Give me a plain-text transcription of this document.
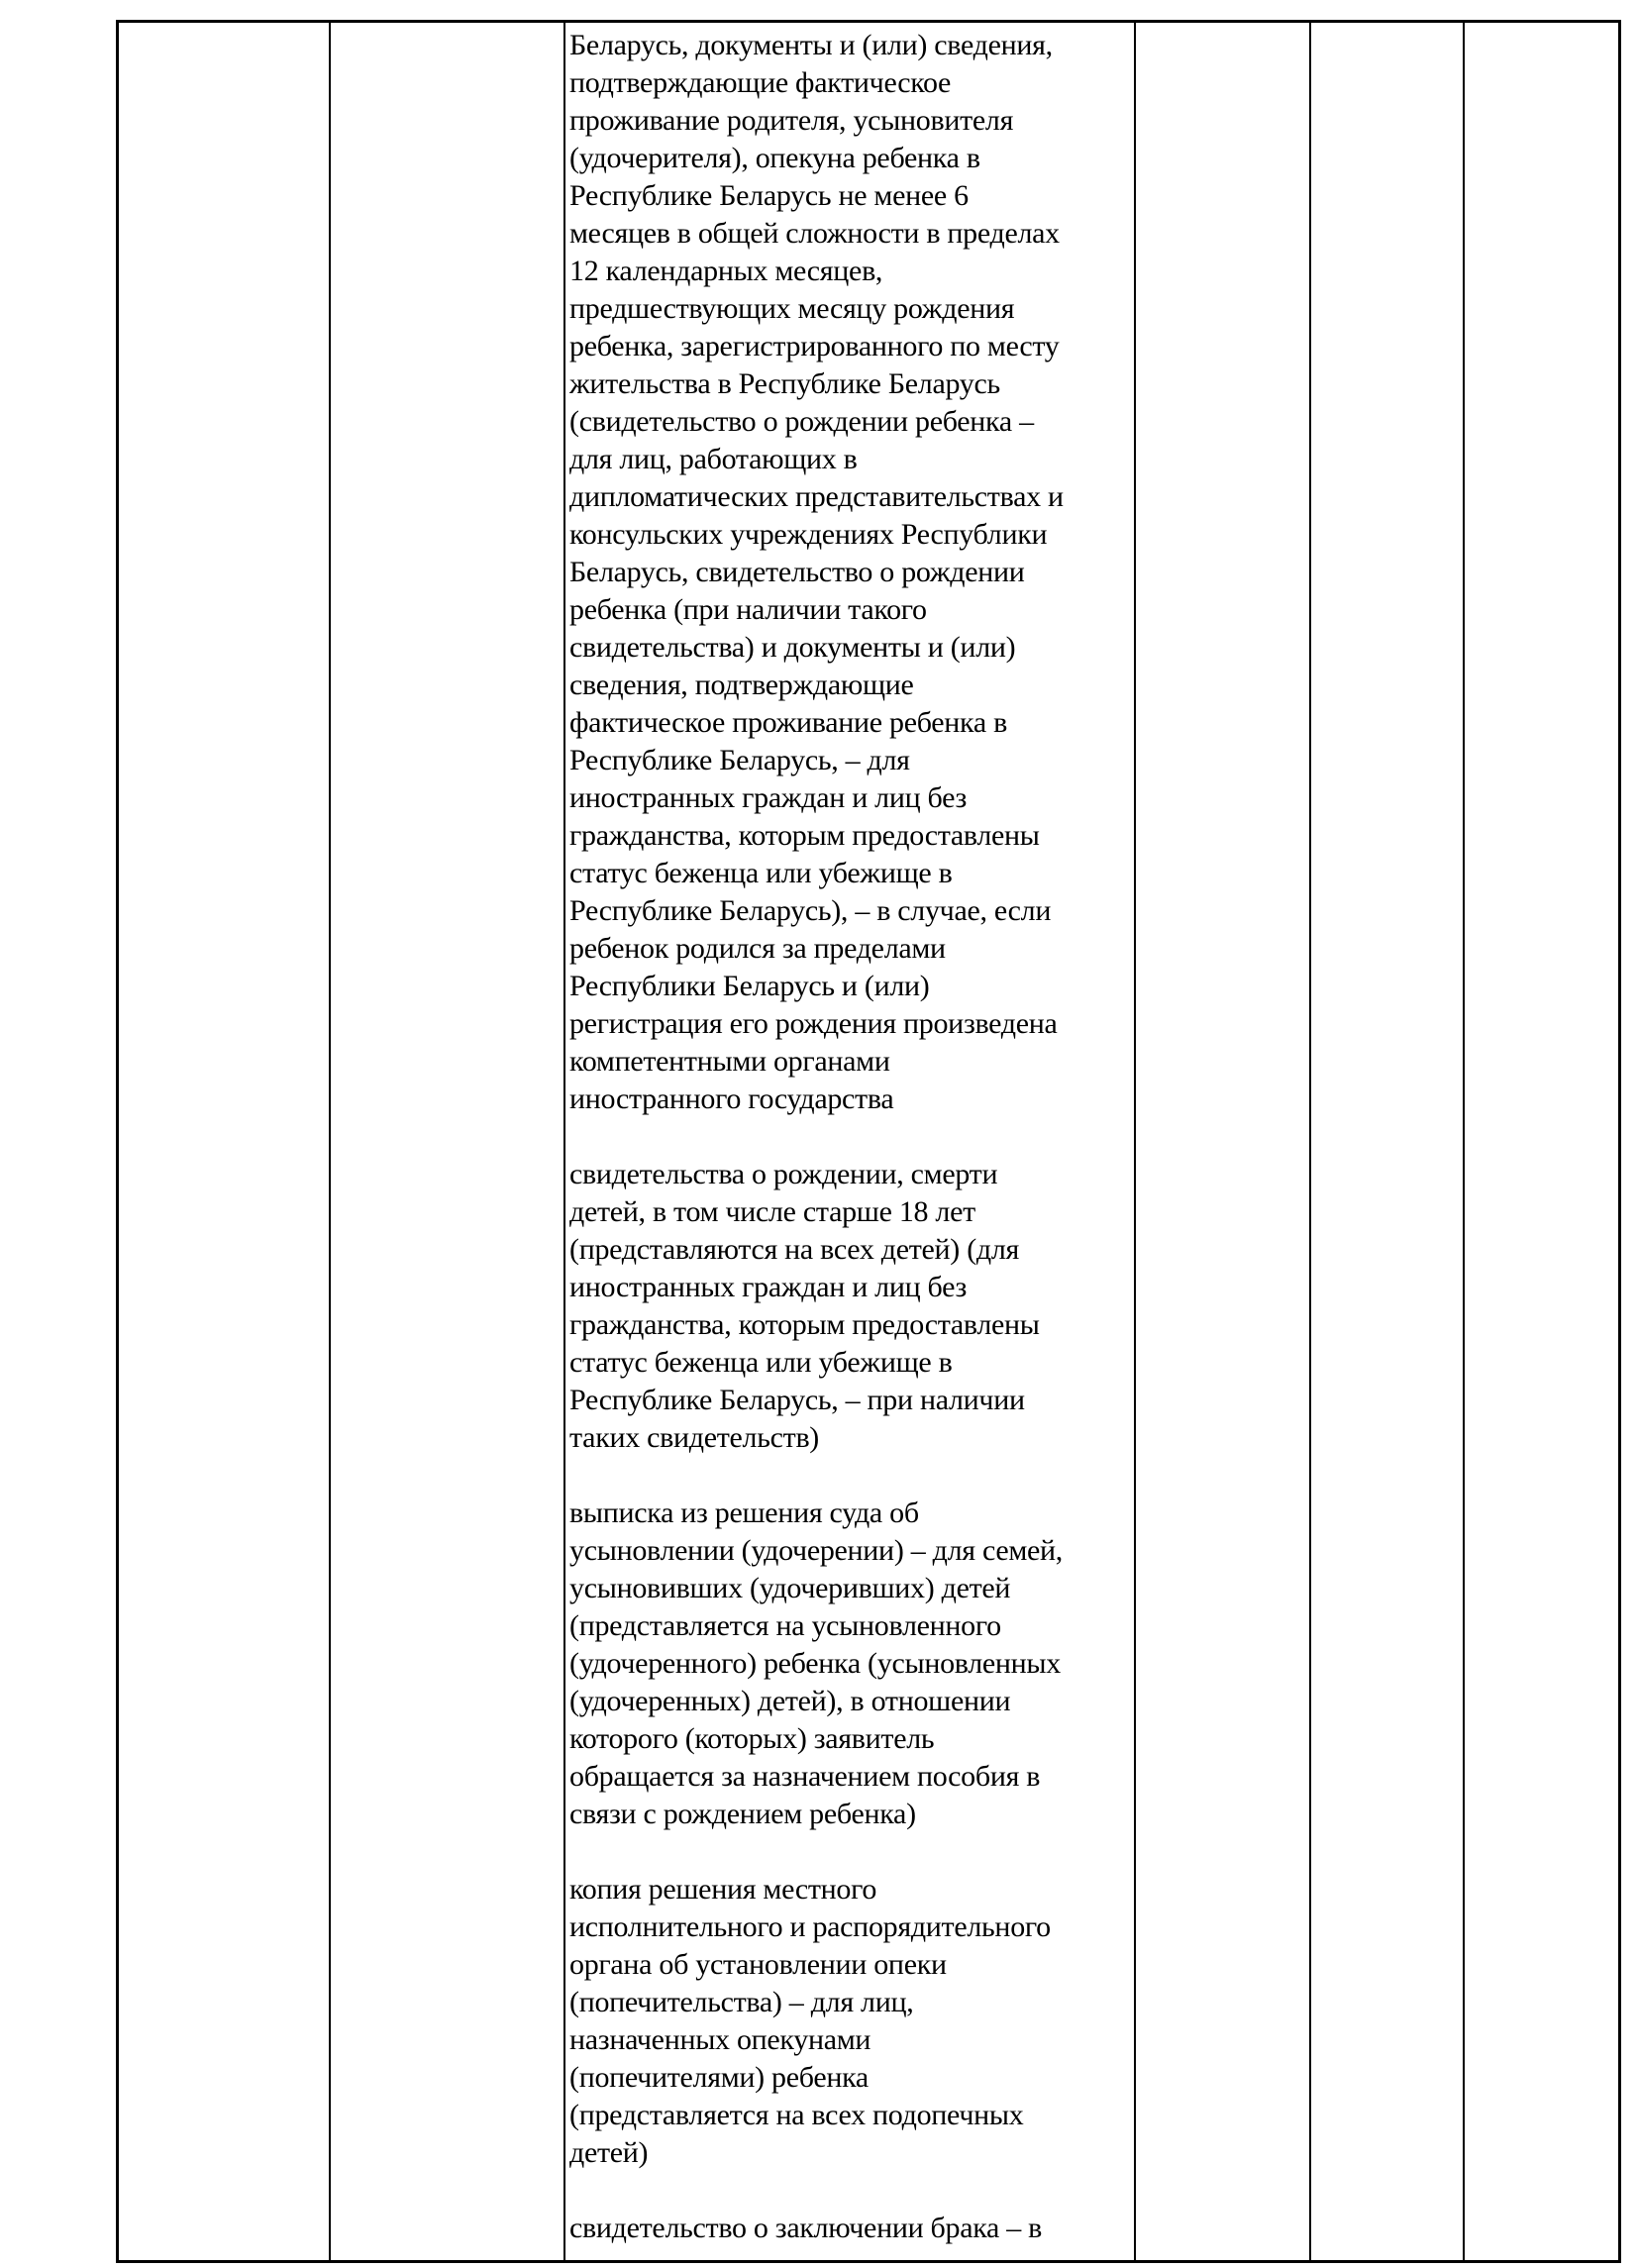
Беларусь, документы и (или) сведения,
подтверждающие фактическое
проживание родителя, усыновителя
(удочерителя), опекуна ребенка в
Республике Беларусь не менее 6
месяцев в общей сложности в пределах
12 календарных месяцев,
предшествующих месяцу рождения
ребенка, зарегистрированного по месту
жительства в Республике Беларусь
(свидетельство о рождении ребенка –
для лиц, работающих в
дипломатических представительствах и
консульских учреждениях Республики
Беларусь, свидетельство о рождении
ребенка (при наличии такого
свидетельства) и документы и (или)
сведения, подтверждающие
фактическое проживание ребенка в
Республике Беларусь, – для
иностранных граждан и лиц без
гражданства, которым предоставлены
статус беженца или убежище в
Республике Беларусь), – в случае, если
ребенок родился за пределами
Республики Беларусь и (или)
регистрация его рождения произведена
компетентными органами
иностранного государства
свидетельства о рождении, смерти
детей, в том числе старше 18 лет
(представляются на всех детей) (для
иностранных граждан и лиц без
гражданства, которым предоставлены
статус беженца или убежище в
Республике Беларусь, – при наличии
таких свидетельств)
выписка из решения суда об
усыновлении (удочерении) – для семей,
усыновивших (удочеривших) детей
(представляется на усыновленного
(удочеренного) ребенка (усыновленных
(удочеренных) детей), в отношении
которого (которых) заявитель
обращается за назначением пособия в
связи с рождением ребенка)
копия решения местного
исполнительного и распорядительного
органа об установлении опеки
(попечительства) – для лиц,
назначенных опекунами
(попечителями) ребенка
(представляется на всех подопечных
детей)
свидетельство о заключении брака – в
